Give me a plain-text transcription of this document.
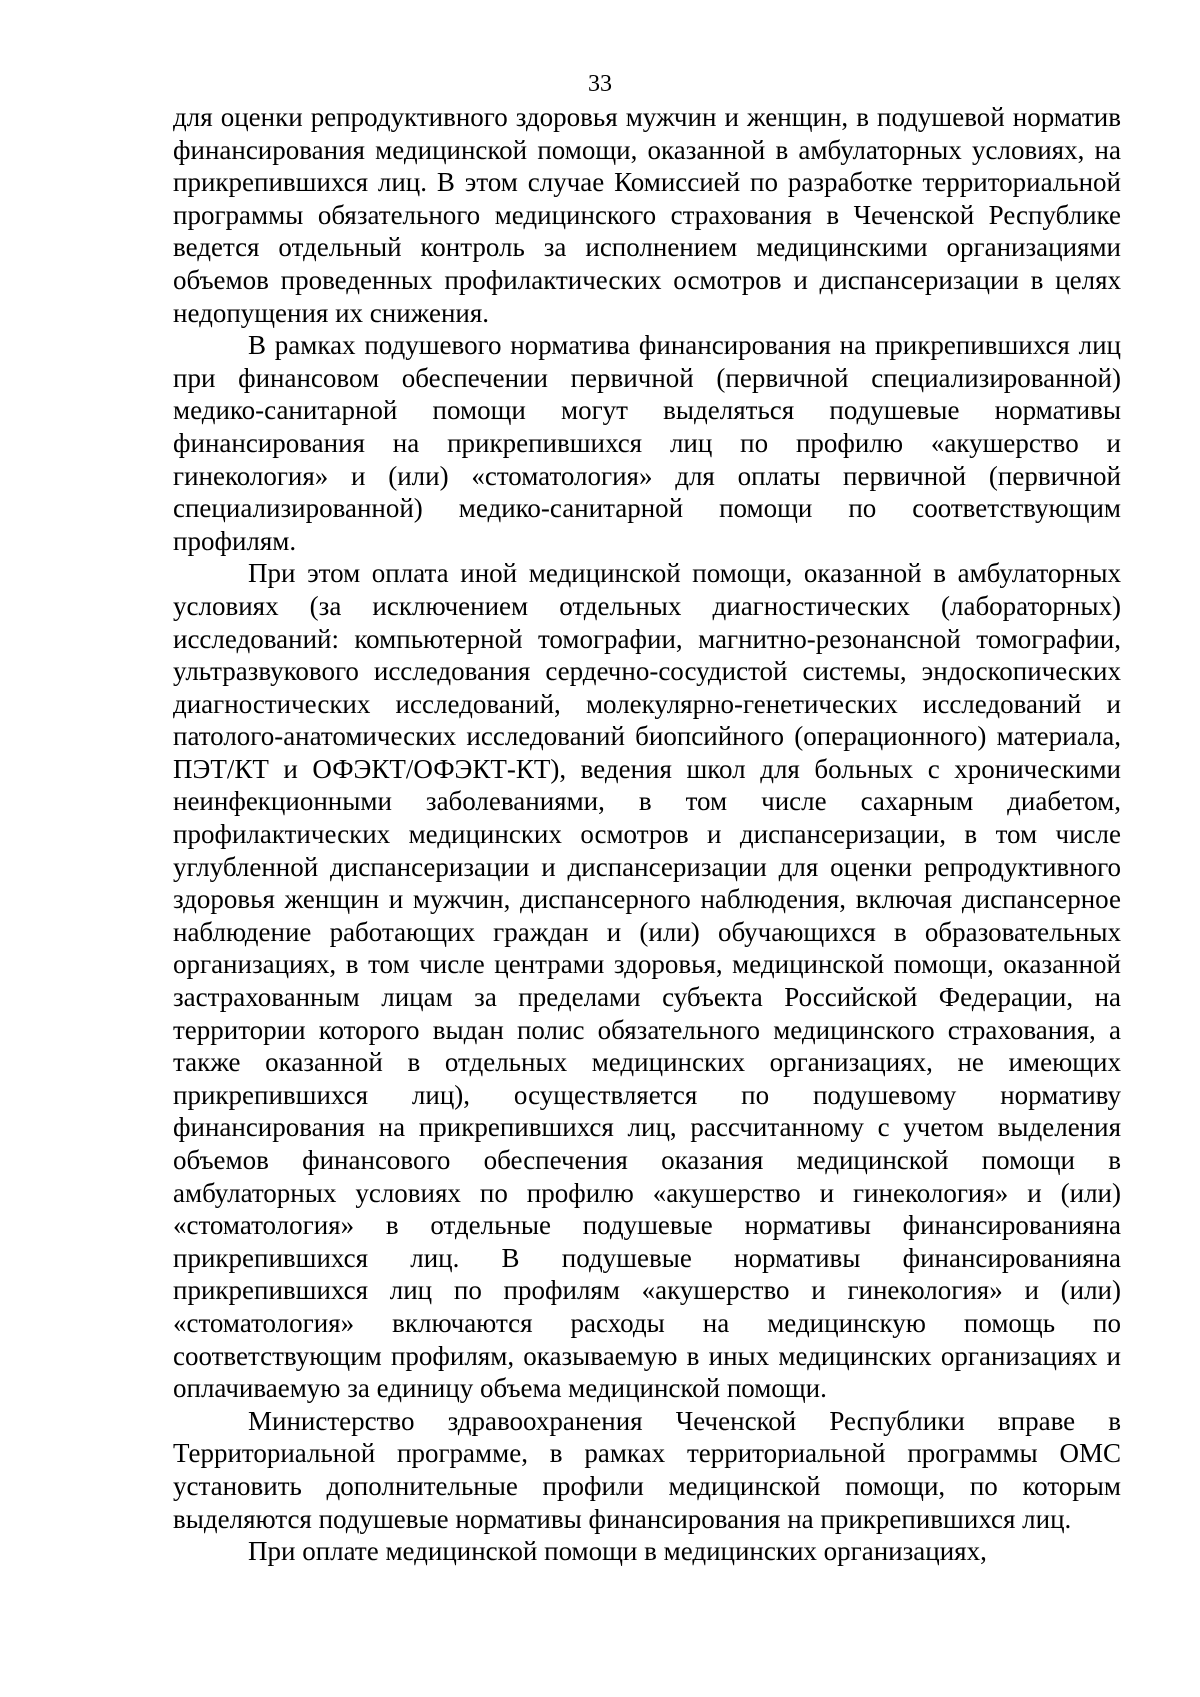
33

для оценки репродуктивного здоровья мужчин и женщин, в подушевой норматив финансирования медицинской помощи, оказанной в амбулаторных условиях, на прикрепившихся лиц. В этом случае Комиссией по разработке территориальной программы обязательного медицинского страхования в Чеченской Республике ведется отдельный контроль за исполнением медицинскими организациями объемов проведенных профилактических осмотров и диспансеризации в целях недопущения их снижения.

В рамках подушевого норматива финансирования на прикрепившихся лиц при финансовом обеспечении первичной (первичной специализированной) медико-санитарной помощи могут выделяться подушевые нормативы финансирования на прикрепившихся лиц по профилю «акушерство и гинекология» и (или) «стоматология» для оплаты первичной (первичной специализированной) медико-санитарной помощи по соответствующим профилям.

При этом оплата иной медицинской помощи, оказанной в амбулаторных условиях (за исключением отдельных диагностических (лабораторных) исследований: компьютерной томографии, магнитно-резонансной томографии, ультразвукового исследования сердечно-сосудистой системы, эндоскопических диагностических исследований, молекулярно-генетических исследований и патолого-анатомических исследований биопсийного (операционного) материала, ПЭТ/КТ и ОФЭКТ/ОФЭКТ-КТ), ведения школ для больных с хроническими неинфекционными заболеваниями, в том числе сахарным диабетом, профилактических медицинских осмотров и диспансеризации, в том числе углубленной диспансеризации и диспансеризации для оценки репродуктивного здоровья женщин и мужчин, диспансерного наблюдения, включая диспансерное наблюдение работающих граждан и (или) обучающихся в образовательных организациях, в том числе центрами здоровья, медицинской помощи, оказанной застрахованным лицам за пределами субъекта Российской Федерации, на территории которого выдан полис обязательного медицинского страхования, а также оказанной в отдельных медицинских организациях, не имеющих прикрепившихся лиц), осуществляется по подушевому нормативу финансирования на прикрепившихся лиц, рассчитанному с учетом выделения объемов финансового обеспечения оказания медицинской помощи в амбулаторных условиях по профилю «акушерство и гинекология» и (или) «стоматология» в отдельные подушевые нормативы финансированияна прикрепившихся лиц. В подушевые нормативы финансированияна прикрепившихся лиц по профилям «акушерство и гинекология» и (или) «стоматология» включаются расходы на медицинскую помощь по соответствующим профилям, оказываемую в иных медицинских организациях и оплачиваемую за единицу объема медицинской помощи.

Министерство здравоохранения Чеченской Республики вправе в Территориальной программе, в рамках территориальной программы ОМС установить дополнительные профили медицинской помощи, по которым выделяются подушевые нормативы финансирования на прикрепившихся лиц.

При оплате медицинской помощи в медицинских организациях,
